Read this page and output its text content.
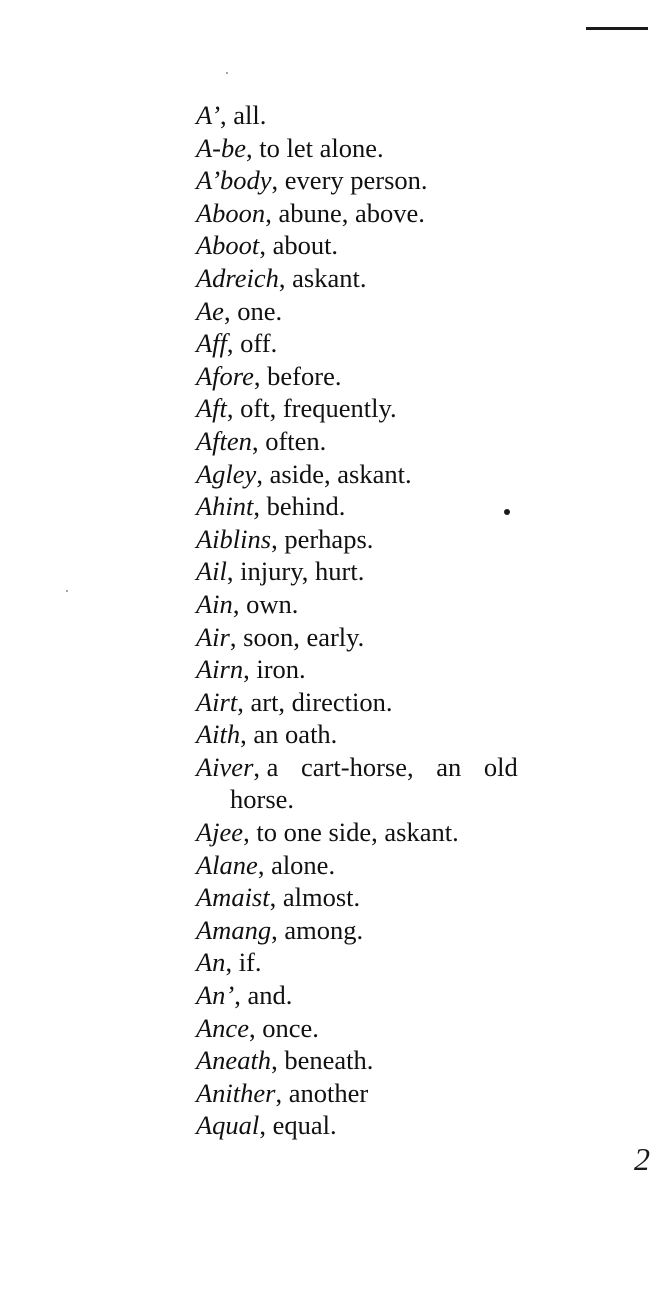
A’, all.
A-be, to let alone.
A’body, every person.
Aboon, abune, above.
Aboot, about.
Adreich, askant.
Ae, one.
Aff, off.
Afore, before.
Aft, oft, frequently.
Aften, often.
Agley, aside, askant.
Ahint, behind.
Aiblins, perhaps.
Ail, injury, hurt.
Ain, own.
Air, soon, early.
Airn, iron.
Airt, art, direction.
Aith, an oath.
Aiver, a cart-horse, an old
horse.
Ajee, to one side, askant.
Alane, alone.
Amaist, almost.
Amang, among.
An, if.
An’, and.
Ance, once.
Aneath, beneath.
Anither, another
Aqual, equal.
2
